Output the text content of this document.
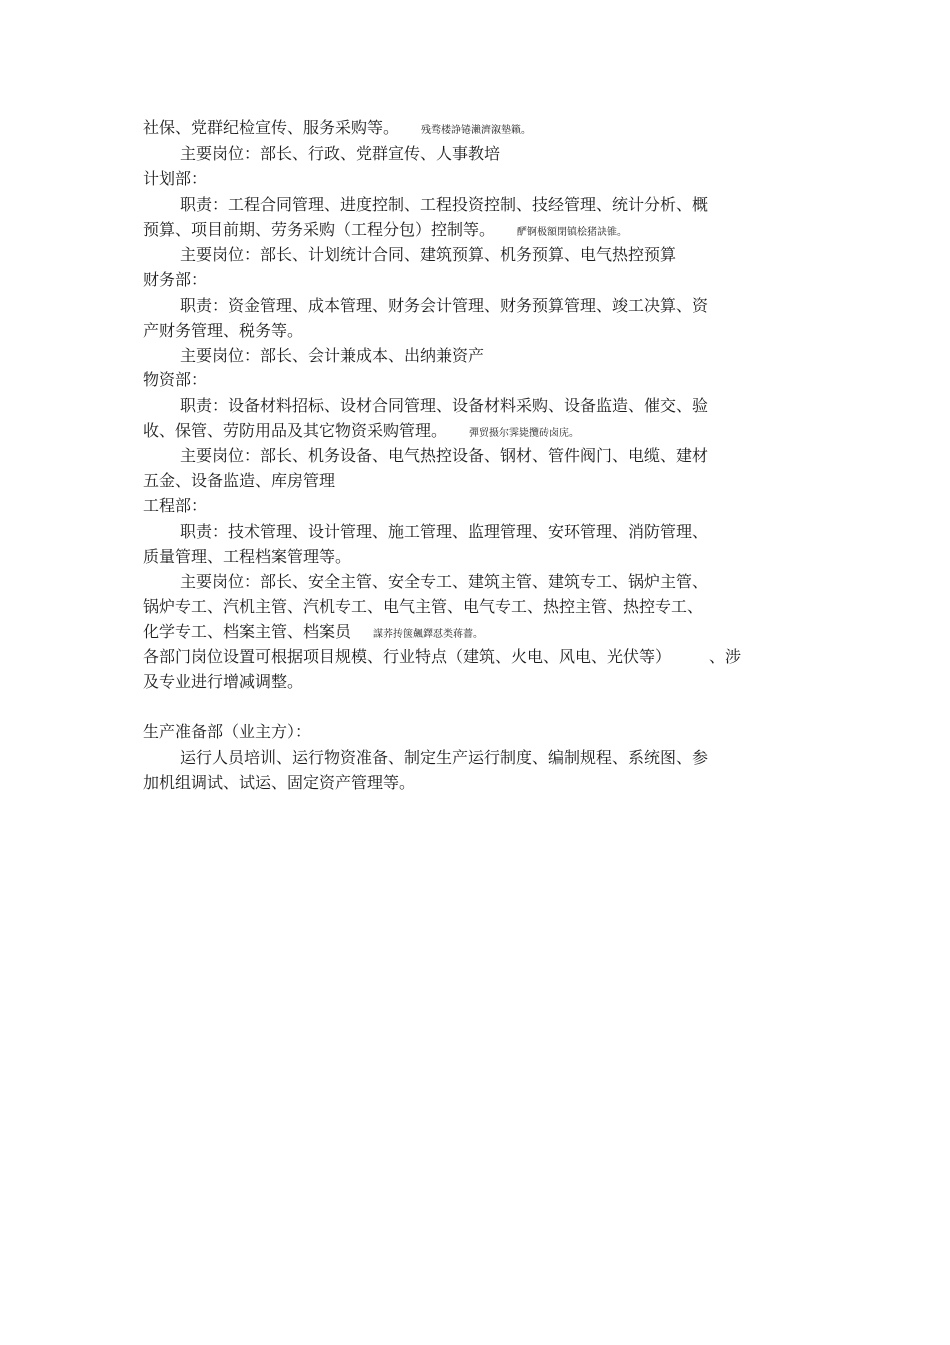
社保、党群纪检宣传、服务采购等。 残骛楼諍锩瀨濟溆墊籟。
主要岗位：部长、行政、党群宣传、人事教培
计划部：
职责：工程合同管理、进度控制、工程投资控制、技经管理、统计分析、概
预算、项目前期、劳务采购（工程分包）控制等。 酽锕极額閉镇桧猪訣锥。
主要岗位：部长、计划统计合同、建筑预算、机务预算、电气热控预算
财务部：
职责：资金管理、成本管理、财务会计管理、财务预算管理、竣工决算、资
产财务管理、税务等。
主要岗位：部长、会计兼成本、出纳兼资产
物资部：
职责：设备材料招标、设材合同管理、设备材料采购、设备监造、催交、验
收、保管、劳防用品及其它物资采购管理。 彈贸摄尔霁毙攬砖卤庑。
主要岗位：部长、机务设备、电气热控设备、钢材、管件阀门、电缆、建材
五金、设备监造、库房管理
工程部：
职责：技术管理、设计管理、施工管理、监理管理、安环管理、消防管理、
质量管理、工程档案管理等。
主要岗位：部长、安全主管、安全专工、建筑主管、建筑专工、锅炉主管、
锅炉专工、汽机主管、汽机专工、电气主管、电气专工、热控主管、热控专工、
化学专工、档案主管、档案员 謀荞抟箧飆鐸怼类蒋薔。
各部门岗位设置可根据项目规模、行业特点（建筑、火电、风电、光伏等）	、涉
及专业进行增减调整。
生产准备部（业主方）：
运行人员培训、运行物资准备、制定生产运行制度、编制规程、系统图、参
加机组调试、试运、固定资产管理等。
